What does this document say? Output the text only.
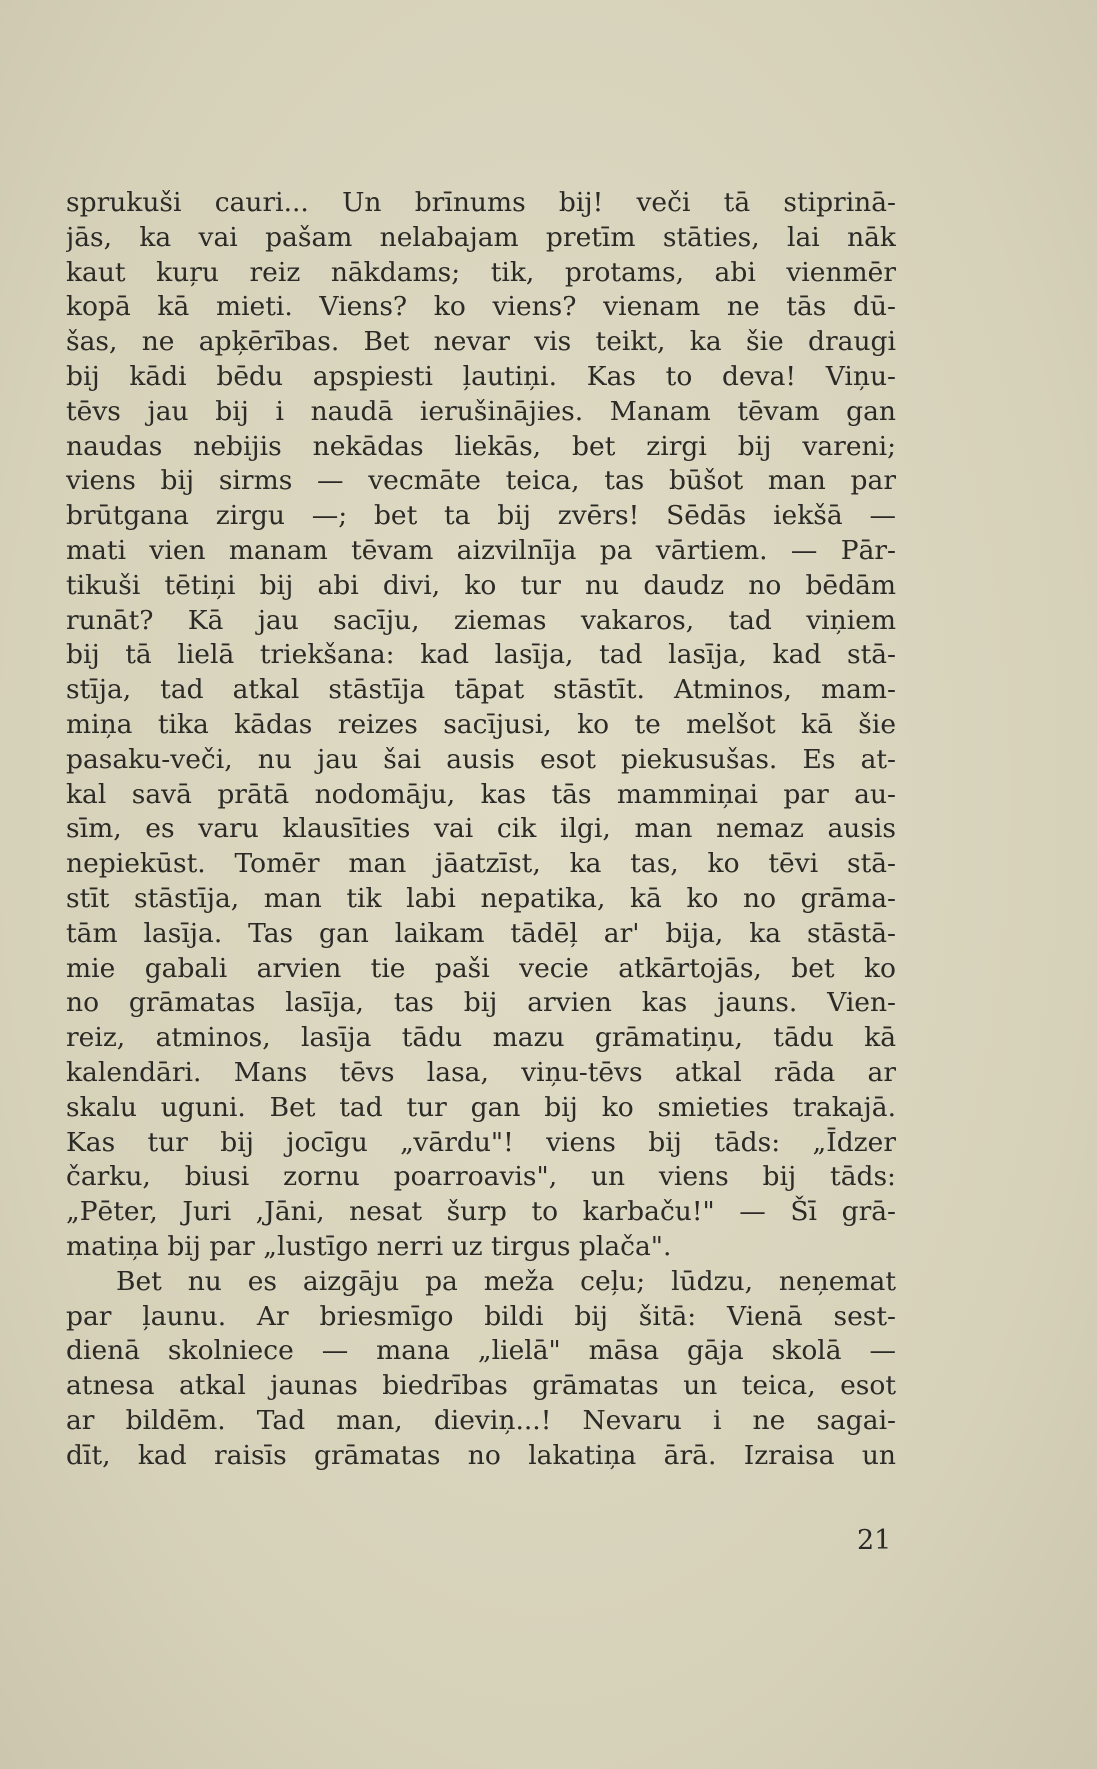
sprukuši cauri... Un brīnums bij! veči tā stiprinā-
jās, ka vai pašam nelabajam pretīm stāties, lai nāk
kaut kuŗu reiz nākdams; tik, protams, abi vienmēr
kopā kā mieti. Viens? ko viens? vienam ne tās dū-
šas, ne apķērības. Bet nevar vis teikt, ka šie draugi
bij kādi bēdu apspiesti ļautiņi. Kas to deva! Viņu-
tēvs jau bij i naudā ierušinājies. Manam tēvam gan
naudas nebijis nekādas liekās, bet zirgi bij vareni;
viens bij sirms — vecmāte teica, tas būšot man par
brūtgana zirgu —; bet ta bij zvērs! Sēdās iekšā —
mati vien manam tēvam aizvilnīja pa vārtiem. — Pār-
tikuši tētiņi bij abi divi, ko tur nu daudz no bēdām
runāt? Kā jau sacīju, ziemas vakaros, tad viņiem
bij tā lielā triekšana: kad lasīja, tad lasīja, kad stā-
stīja, tad atkal stāstīja tāpat stāstīt. Atminos, mam-
miņa tika kādas reizes sacījusi, ko te melšot kā šie
pasaku-veči, nu jau šai ausis esot piekusušas. Es at-
kal savā prātā nodomāju, kas tās mammiņai par au-
sīm, es varu klausīties vai cik ilgi, man nemaz ausis
nepiekūst. Tomēr man jāatzīst, ka tas, ko tēvi stā-
stīt stāstīja, man tik labi nepatika, kā ko no grāma-
tām lasīja. Tas gan laikam tādēļ ar' bija, ka stāstā-
mie gabali arvien tie paši vecie atkārtojās, bet ko
no grāmatas lasīja, tas bij arvien kas jauns. Vien-
reiz, atminos, lasīja tādu mazu grāmatiņu, tādu kā
kalendāri. Mans tēvs lasa, viņu-tēvs atkal rāda ar
skalu uguni. Bet tad tur gan bij ko smieties trakajā.
Kas tur bij jocīgu „vārdu"! viens bij tāds: „Īdzer
čarku, biusi zornu poarroavis", un viens bij tāds:
„Pēter, Juri ,Jāni, nesat šurp to karbaču!" — Šī grā-
matiņa bij par „lustīgo nerri uz tirgus plača".
Bet nu es aizgāju pa meža ceļu; lūdzu, neņemat
par ļaunu. Ar briesmīgo bildi bij šitā: Vienā sest-
dienā skolniece — mana „lielā" māsa gāja skolā —
atnesa atkal jaunas biedrības grāmatas un teica, esot
ar bildēm. Tad man, dieviņ...! Nevaru i ne sagai-
dīt, kad raisīs grāmatas no lakatiņa ārā. Izraisa un
21
